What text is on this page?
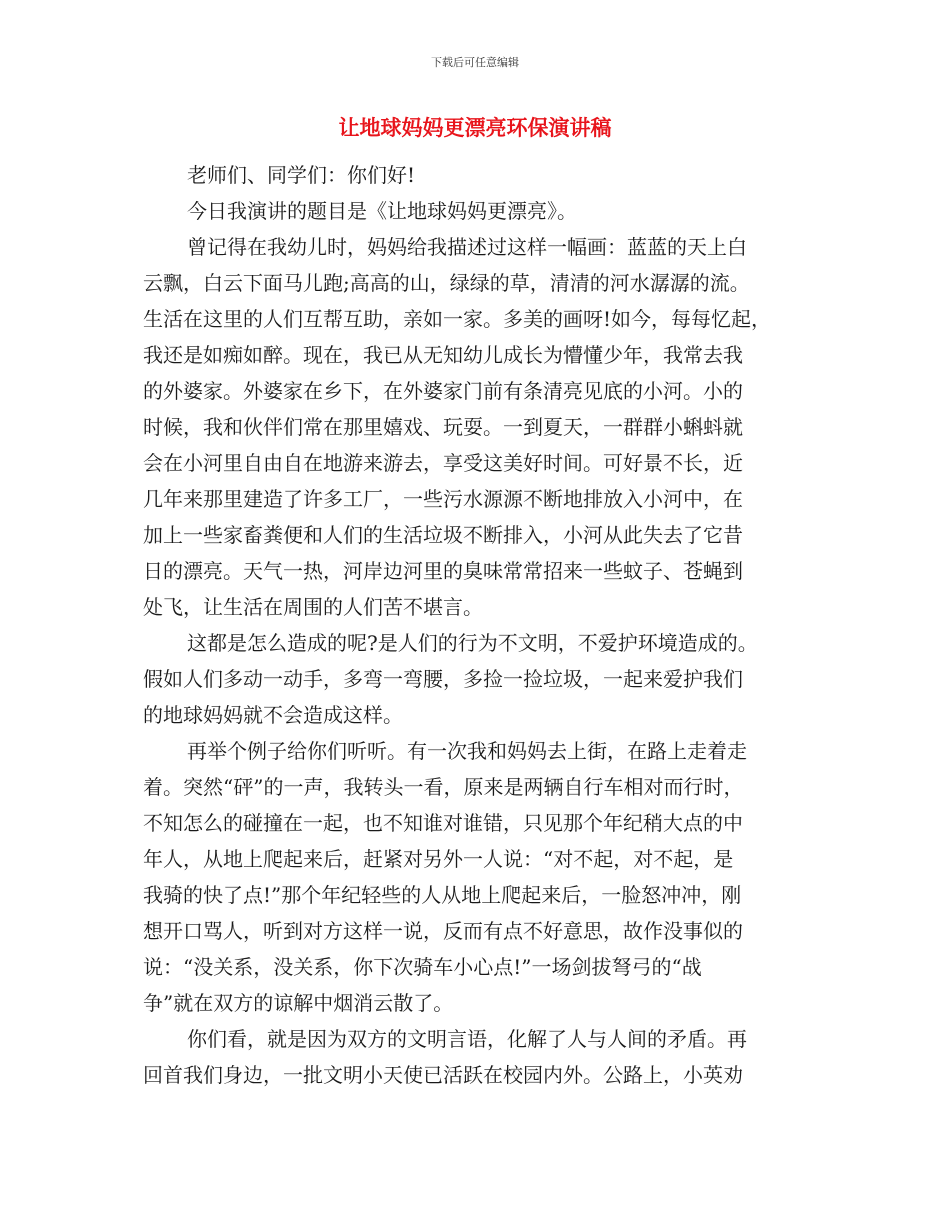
下载后可任意编辑
让地球妈妈更漂亮环保演讲稿
老师们、同学们：你们好!
今日我演讲的题目是《让地球妈妈更漂亮》。
曾记得在我幼儿时，妈妈给我描述过这样一幅画：蓝蓝的天上白
云飘，白云下面马儿跑;高高的山，绿绿的草，清清的河水潺潺的流。
生活在这里的人们互帮互助，亲如一家。多美的画呀!如今，每每忆起，
我还是如痴如醉。现在，我已从无知幼儿成长为懵懂少年，我常去我
的外婆家。外婆家在乡下，在外婆家门前有条清亮见底的小河。小的
时候，我和伙伴们常在那里嬉戏、玩耍。一到夏天，一群群小蝌蚪就
会在小河里自由自在地游来游去，享受这美好时间。可好景不长，近
几年来那里建造了许多工厂，一些污水源源不断地排放入小河中，在
加上一些家畜粪便和人们的生活垃圾不断排入，小河从此失去了它昔
日的漂亮。天气一热，河岸边河里的臭味常常招来一些蚊子、苍蝇到
处飞，让生活在周围的人们苦不堪言。
这都是怎么造成的呢?是人们的行为不文明，不爱护环境造成的。
假如人们多动一动手，多弯一弯腰，多捡一捡垃圾，一起来爱护我们
的地球妈妈就不会造成这样。
再举个例子给你们听听。有一次我和妈妈去上街，在路上走着走
着。突然“砰”的一声，我转头一看，原来是两辆自行车相对而行时，
不知怎么的碰撞在一起，也不知谁对谁错，只见那个年纪稍大点的中
年人，从地上爬起来后，赶紧对另外一人说：“对不起，对不起，是
我骑的快了点!”那个年纪轻些的人从地上爬起来后，一脸怒冲冲，刚
想开口骂人，听到对方这样一说，反而有点不好意思，故作没事似的
说：“没关系，没关系，你下次骑车小心点!”一场剑拔弩弓的“战
争”就在双方的谅解中烟消云散了。
你们看，就是因为双方的文明言语，化解了人与人间的矛盾。再
回首我们身边，一批文明小天使已活跃在校园内外。公路上，小英劝
